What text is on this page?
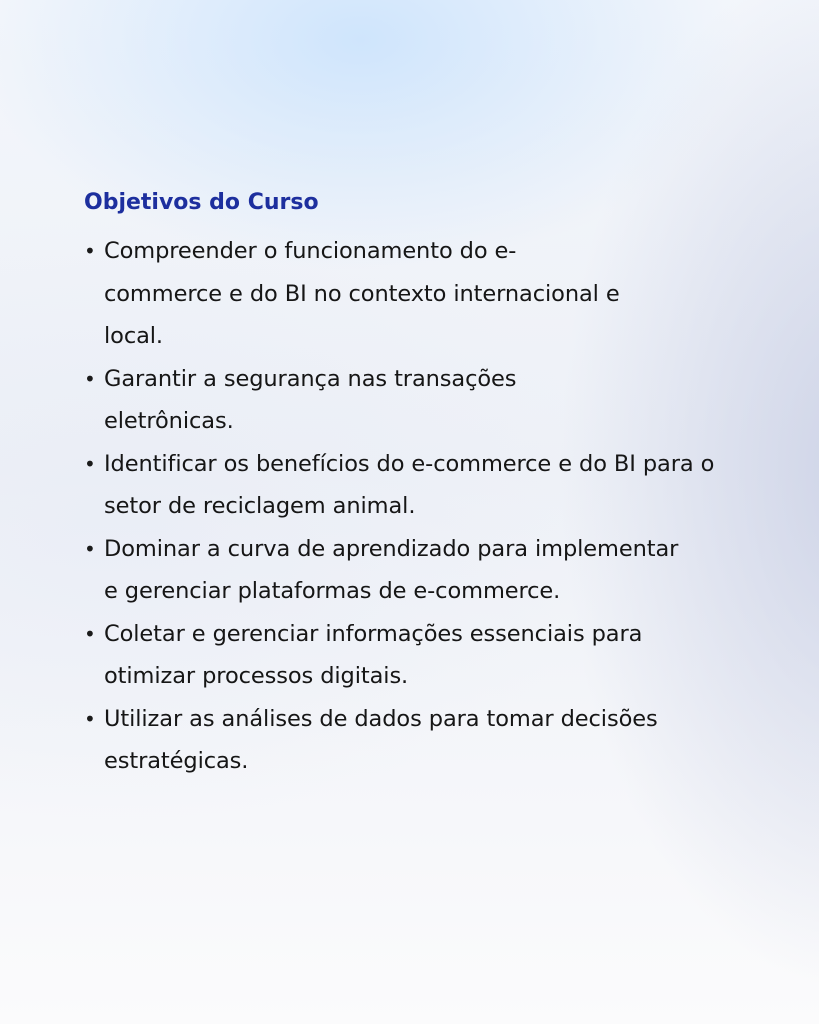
Objetivos do Curso
• Compreender o funcionamento do e-commerce e do BI no contexto internacional e local.
• Garantir a segurança nas transações eletrônicas.
• Identificar os benefícios do e-commerce e do BI para o setor de reciclagem animal.
• Dominar a curva de aprendizado para implementar e gerenciar plataformas de e-commerce.
• Coletar e gerenciar informações essenciais para otimizar processos digitais.
• Utilizar as análises de dados para tomar decisões estratégicas.
